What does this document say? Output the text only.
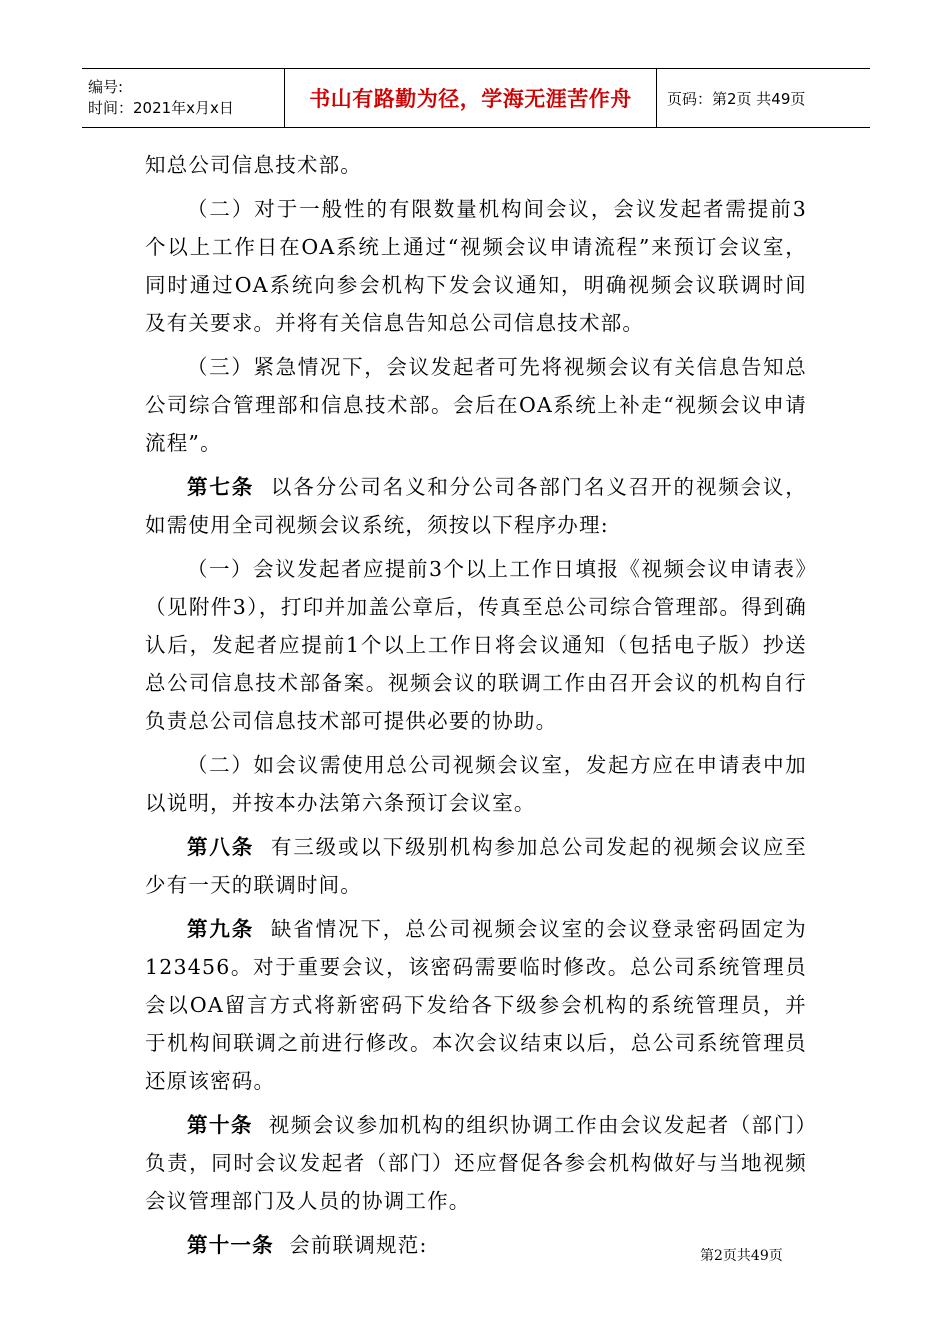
编号:
时间：2021年x月x日	书山有路勤为径，学海无涯苦作舟 页码：第2页 共49页

知总公司信息技术部。

（二）对于一般性的有限数量机构间会议，会议发起者需提前3个以上工作日在OA系统上通过“视频会议申请流程”来预订会议室，同时通过OA系统向参会机构下发会议通知，明确视频会议联调时间及有关要求。并将有关信息告知总公司信息技术部。

（三）紧急情况下，会议发起者可先将视频会议有关信息告知总公司综合管理部和信息技术部。会后在OA系统上补走“视频会议申请流程”。

第七条 以各分公司名义和分公司各部门名义召开的视频会议，如需使用全司视频会议系统，须按以下程序办理:

（一）会议发起者应提前3个以上工作日填报《视频会议申请表》（见附件3），打印并加盖公章后，传真至总公司综合管理部。得到确认后，发起者应提前1个以上工作日将会议通知（包括电子版）抄送总公司信息技术部备案。视频会议的联调工作由召开会议的机构自行负责总公司信息技术部可提供必要的协助。

（二）如会议需使用总公司视频会议室，发起方应在申请表中加以说明，并按本办法第六条预订会议室。

第八条 有三级或以下级别机构参加总公司发起的视频会议应至少有一天的联调时间。

第九条 缺省情况下，总公司视频会议室的会议登录密码固定为123456。对于重要会议，该密码需要临时修改。总公司系统管理员会以OA留言方式将新密码下发给各下级参会机构的系统管理员，并于机构间联调之前进行修改。本次会议结束以后，总公司系统管理员还原该密码。

第十条 视频会议参加机构的组织协调工作由会议发起者（部门）负责，同时会议发起者（部门）还应督促各参会机构做好与当地视频会议管理部门及人员的协调工作。

第十一条 会前联调规范:	第2页共49页
